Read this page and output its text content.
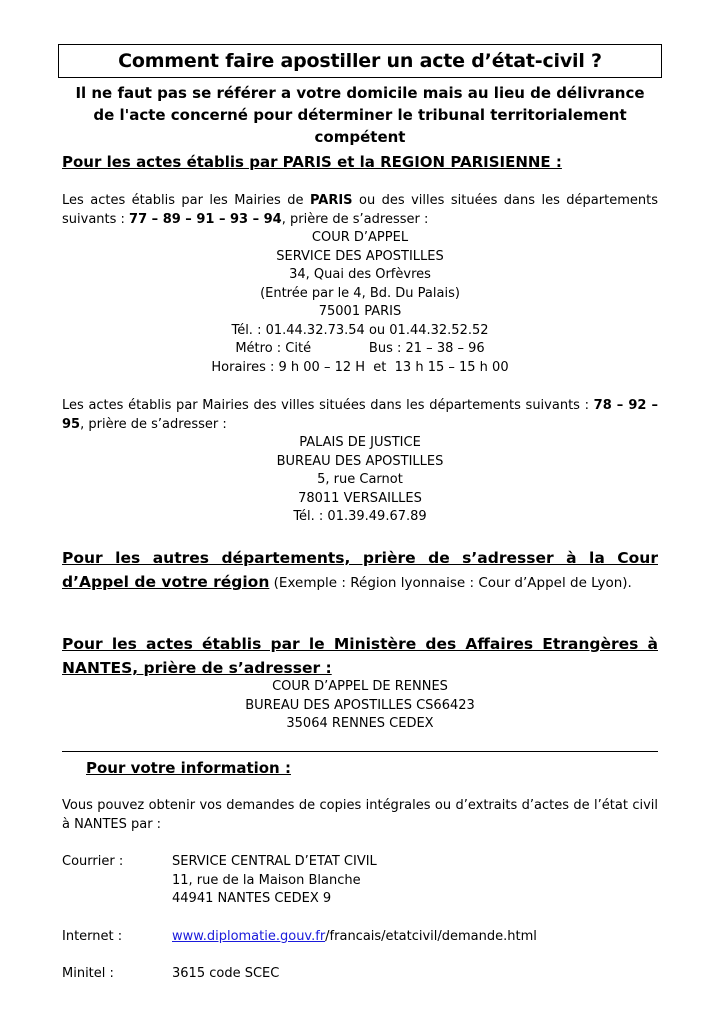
Comment faire apostiller un acte d’état-civil ?
Il ne faut pas se référer a votre domicile mais au lieu de délivrance
de l'acte concerné pour déterminer le tribunal territorialement
compétent
Pour les actes établis par PARIS et la REGION PARISIENNE :
Les actes établis par les Mairies de PARIS ou des villes situées dans les départements suivants : 77 – 89 – 91 – 93 – 94, prière de s’adresser :
COUR D’APPEL
SERVICE DES APOSTILLES
34, Quai des Orfèvres
(Entrée par le 4, Bd. Du Palais)
75001 PARIS
Tél. : 01.44.32.73.54 ou 01.44.32.52.52
Métro : Cité              Bus : 21 – 38 – 96
Horaires : 9 h 00 – 12 H  et  13 h 15 – 15 h 00
Les actes établis par Mairies des villes situées dans les départements suivants : 78 – 92 – 95, prière de s’adresser :
PALAIS DE JUSTICE
BUREAU DES APOSTILLES
5, rue Carnot
78011 VERSAILLES
Tél. : 01.39.49.67.89
Pour les autres départements, prière de s’adresser à la Cour d’Appel de votre région (Exemple : Région lyonnaise : Cour d’Appel de Lyon).
Pour les actes établis par le Ministère des Affaires Etrangères à NANTES, prière de s’adresser :
COUR D’APPEL DE RENNES
BUREAU DES APOSTILLES CS66423
35064 RENNES CEDEX
Pour votre information :
Vous pouvez obtenir vos demandes de copies intégrales ou d’extraits d’actes de l’état civil à NANTES par :
Courrier :	SERVICE CENTRAL D’ETAT CIVIL
11, rue de la Maison Blanche
44941 NANTES CEDEX 9
Internet :	www.diplomatie.gouv.fr/francais/etatcivil/demande.html
Minitel :	3615 code SCEC
